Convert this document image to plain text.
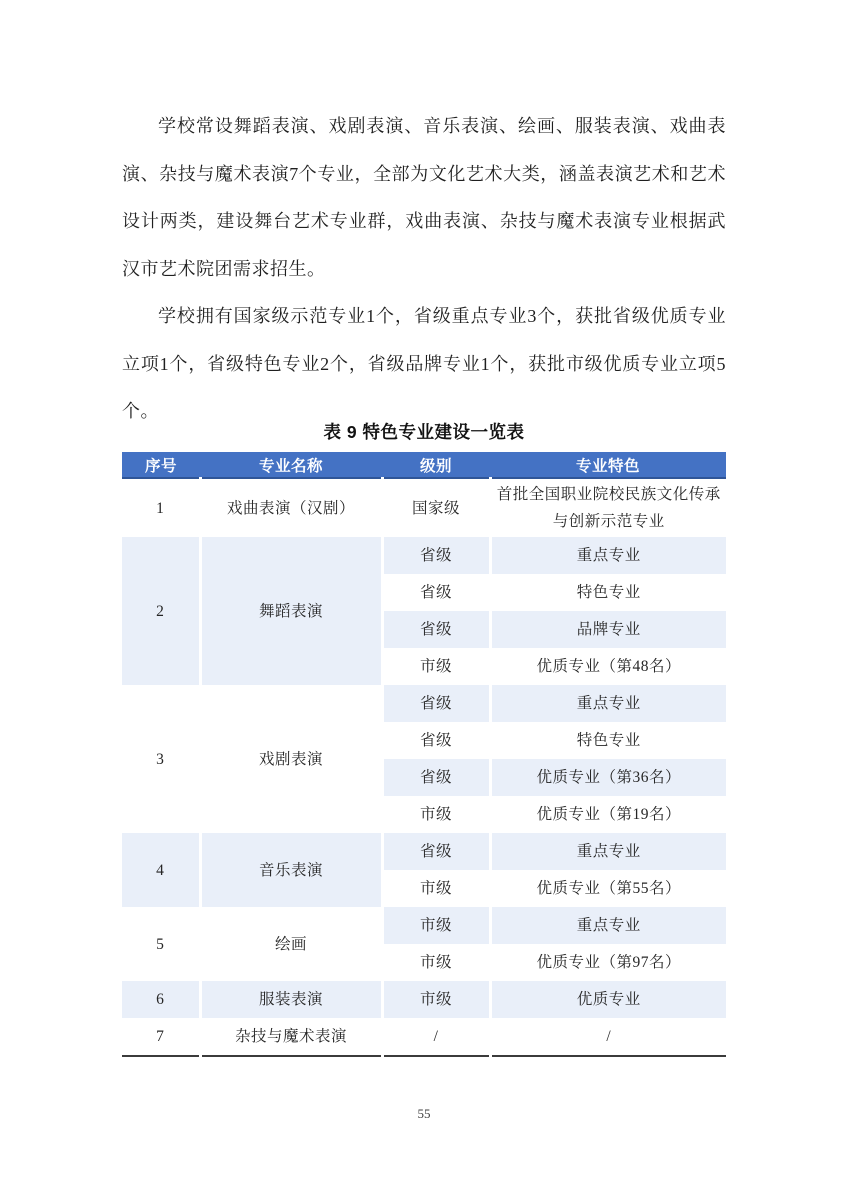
学校常设舞蹈表演、戏剧表演、音乐表演、绘画、服装表演、戏曲表演、杂技与魔术表演7个专业，全部为文化艺术大类，涵盖表演艺术和艺术设计两类，建设舞台艺术专业群，戏曲表演、杂技与魔术表演专业根据武汉市艺术院团需求招生。

学校拥有国家级示范专业1个，省级重点专业3个，获批省级优质专业立项1个，省级特色专业2个，省级品牌专业1个，获批市级优质专业立项5个。

表 9 特色专业建设一览表
序号	专业名称	级别	专业特色
1	戏曲表演（汉剧）	国家级	首批全国职业院校民族文化传承与创新示范专业
2	舞蹈表演	省级	重点专业
		省级	特色专业
		省级	品牌专业
		市级	优质专业（第48名）
3	戏剧表演	省级	重点专业
		省级	特色专业
		省级	优质专业（第36名）
		市级	优质专业（第19名）
4	音乐表演	省级	重点专业
		市级	优质专业（第55名）
5	绘画	市级	重点专业
		市级	优质专业（第97名）
6	服装表演	市级	优质专业
7	杂技与魔术表演	/	/
55
